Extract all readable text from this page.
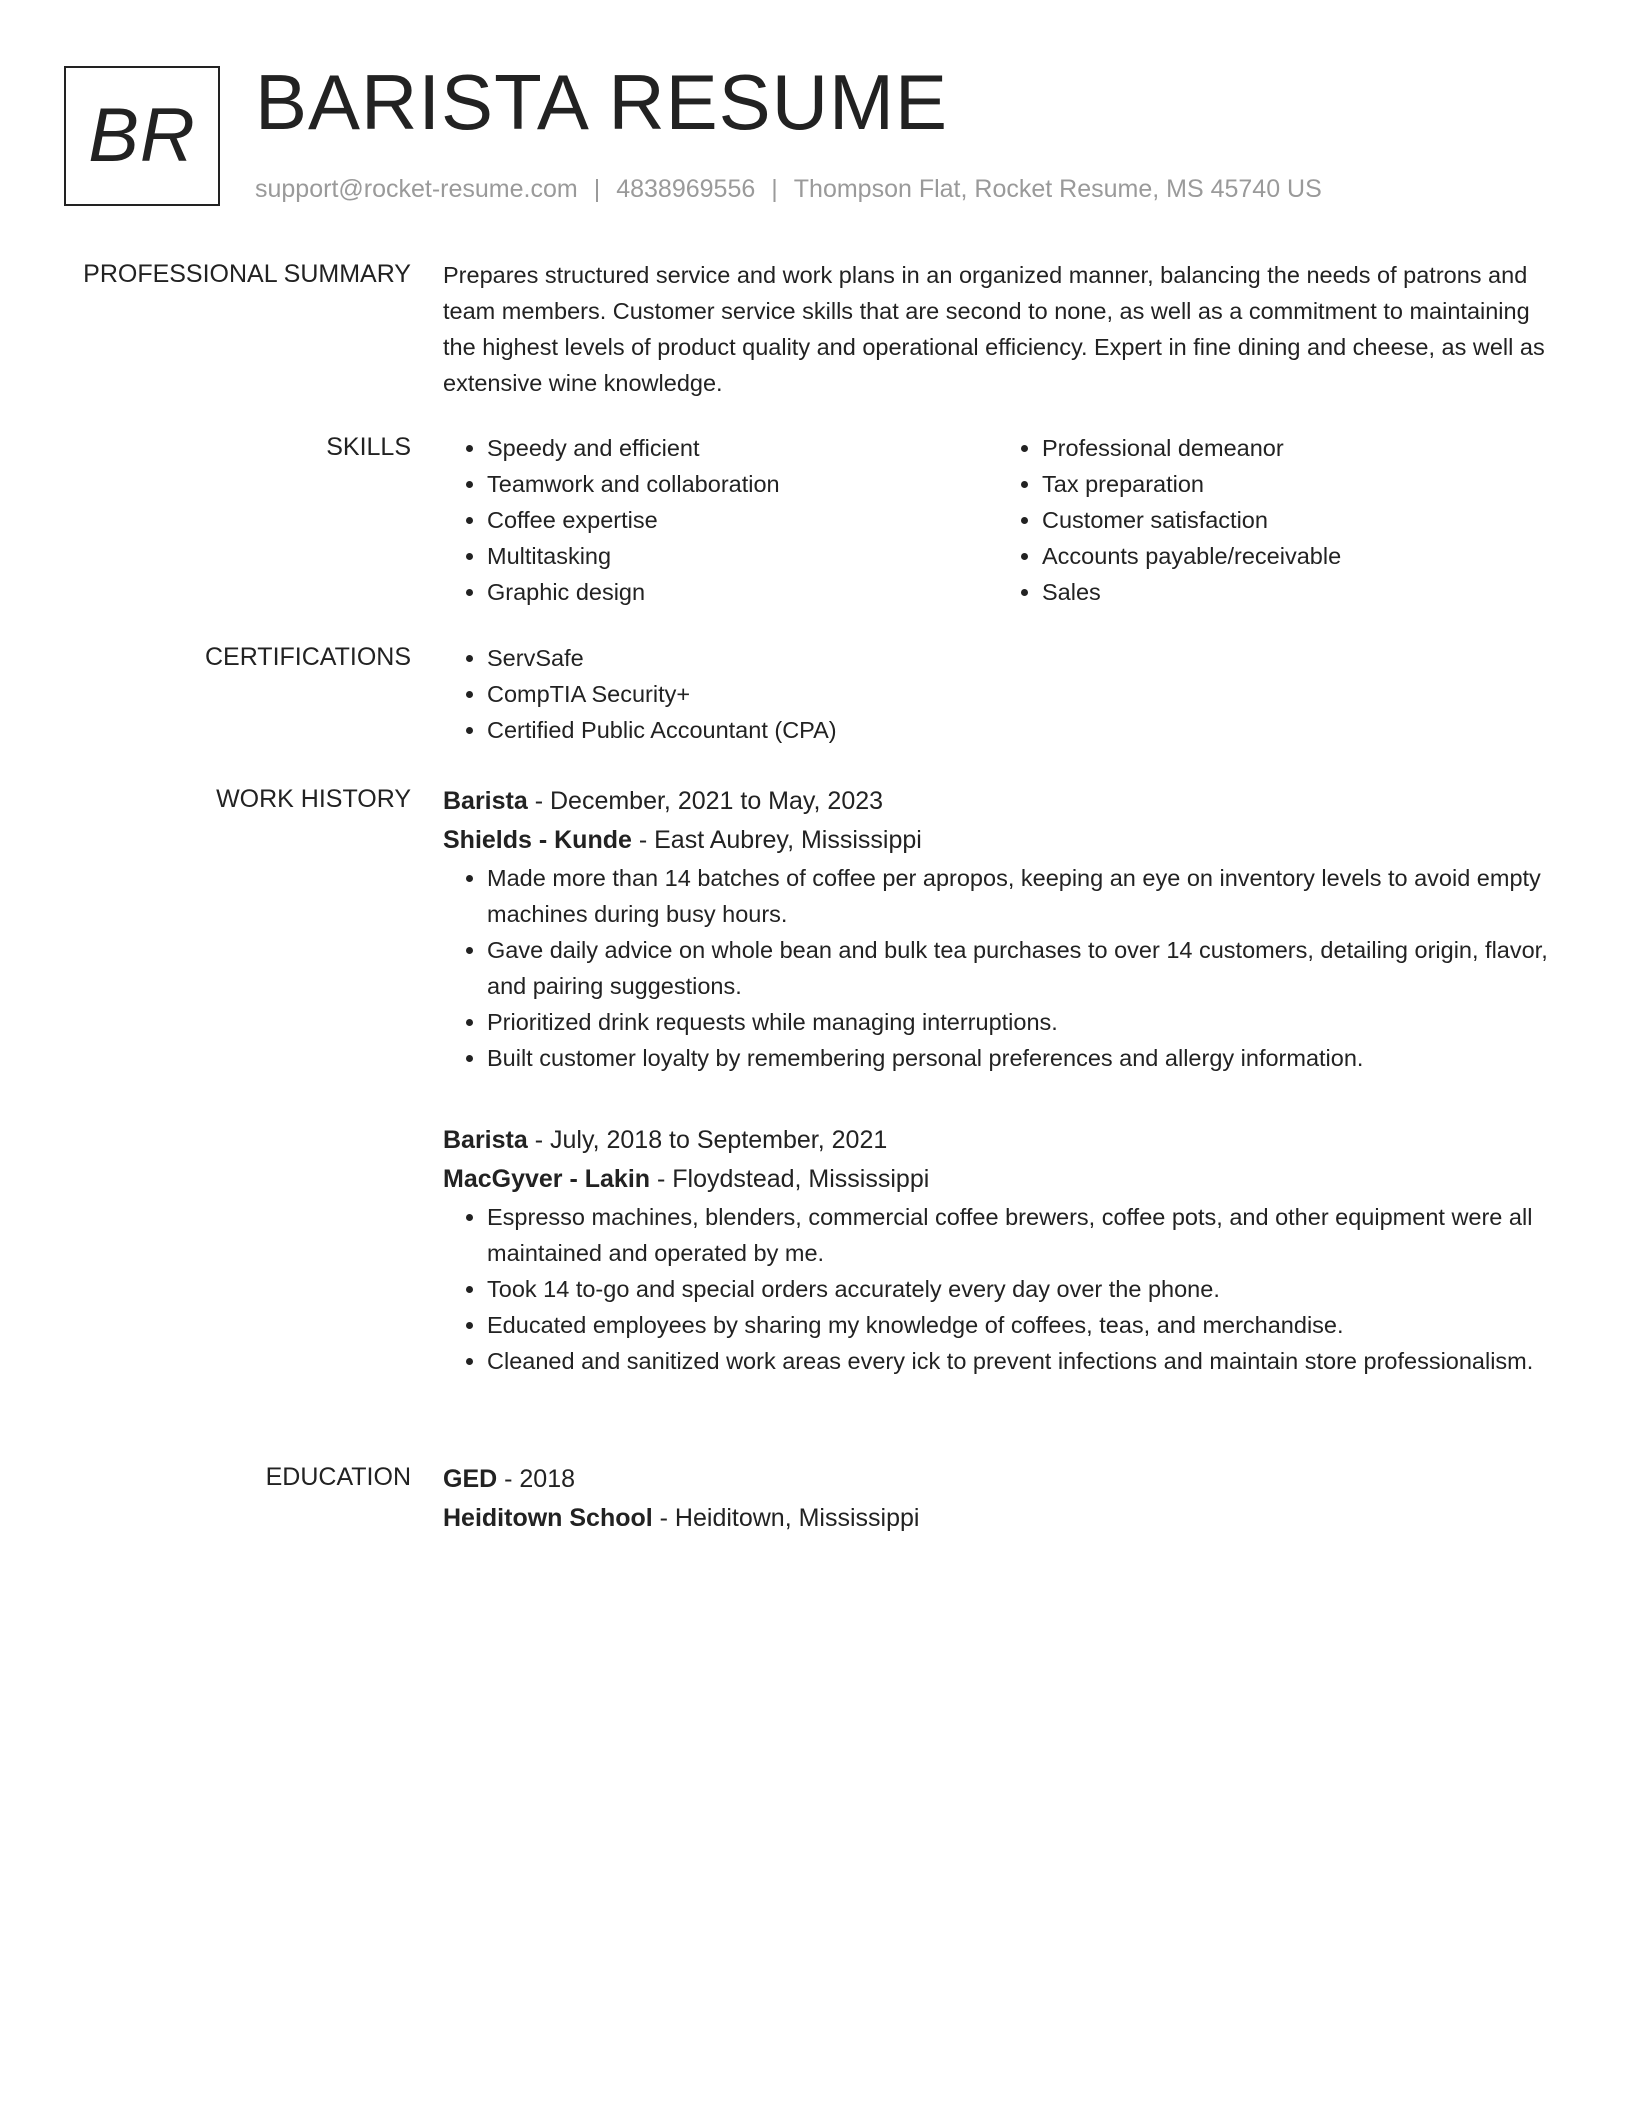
BR BARISTA RESUME
support@rocket-resume.com | 4838969556 | Thompson Flat, Rocket Resume, MS 45740 US
PROFESSIONAL SUMMARY Prepares structured service and work plans in an organized manner, balancing the needs of patrons and team members. Customer service skills that are second to none, as well as a commitment to maintaining the highest levels of product quality and operational efficiency. Expert in fine dining and cheese, as well as extensive wine knowledge.

SKILLS	• Speedy and efficient
• Teamwork and collaboration
• Coffee expertise
• Multitasking
• Graphic design
• Professional demeanor
• Tax preparation
• Customer satisfaction
• Accounts payable/receivable
• Sales
CERTIFICATIONS	• ServSafe
• CompTIA Security+
• Certified Public Accountant (CPA)
WORK HISTORY Barista - December, 2021 to May, 2023
Shields - Kunde - East Aubrey, Mississippi
• Made more than 14 batches of coffee per apropos, keeping an eye on inventory levels to avoid empty machines during busy hours.
• Gave daily advice on whole bean and bulk tea purchases to over 14 customers, detailing origin, flavor, and pairing suggestions.
• Prioritized drink requests while managing interruptions.
• Built customer loyalty by remembering personal preferences and allergy information.
Barista - July, 2018 to September, 2021
MacGyver - Lakin - Floydstead, Mississippi
• Espresso machines, blenders, commercial coffee brewers, coffee pots, and other equipment were all maintained and operated by me.
• Took 14 to-go and special orders accurately every day over the phone.
• Educated employees by sharing my knowledge of coffees, teas, and merchandise.
• Cleaned and sanitized work areas every ick to prevent infections and maintain store professionalism.
EDUCATION GED - 2018
Heiditown School - Heiditown, Mississippi
